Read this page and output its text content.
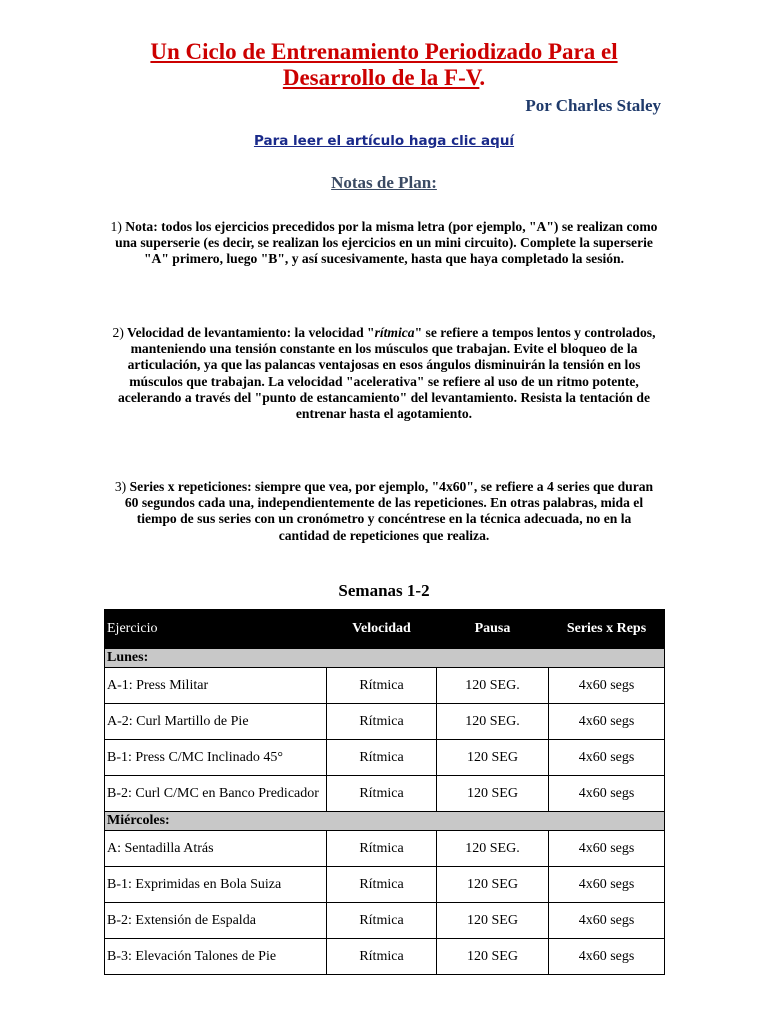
Un Ciclo de Entrenamiento Periodizado Para el
Desarrollo de la F-V.
Por Charles Staley
Para leer el artículo haga clic aquí
Notas de Plan:
1) Nota: todos los ejercicios precedidos por la misma letra (por ejemplo, "A") se realizan como una superserie (es decir, se realizan los ejercicios en un mini circuito). Complete la superserie "A" primero, luego "B", y así sucesivamente, hasta que haya completado la sesión.
2) Velocidad de levantamiento: la velocidad "rítmica" se refiere a tempos lentos y controlados, manteniendo una tensión constante en los músculos que trabajan. Evite el bloqueo de la articulación, ya que las palancas ventajosas en esos ángulos disminuirán la tensión en los músculos que trabajan. La velocidad "acelerativa" se refiere al uso de un ritmo potente, acelerando a través del "punto de estancamiento" del levantamiento. Resista la tentación de entrenar hasta el agotamiento.
3) Series x repeticiones: siempre que vea, por ejemplo, "4x60", se refiere a 4 series que duran 60 segundos cada una, independientemente de las repeticiones. En otras palabras, mida el tiempo de sus series con un cronómetro y concéntrese en la técnica adecuada, no en la cantidad de repeticiones que realiza.
Semanas 1-2
Ejercicio	Velocidad	Pausa	Series x Reps
Lunes:			
A-1: Press Militar	Rítmica	120 SEG.	4x60 segs
A-2: Curl Martillo de Pie	Rítmica	120 SEG.	4x60 segs
B-1: Press C/MC Inclinado 45°	Rítmica	120 SEG	4x60 segs
B-2: Curl C/MC en Banco Predicador	Rítmica	120 SEG	4x60 segs
Miércoles:			
A: Sentadilla Atrás	Rítmica	120 SEG.	4x60 segs
B-1: Exprimidas en Bola Suiza	Rítmica	120 SEG	4x60 segs
B-2: Extensión de Espalda	Rítmica	120 SEG	4x60 segs
B-3: Elevación Talones de Pie	Rítmica	120 SEG	4x60 segs
